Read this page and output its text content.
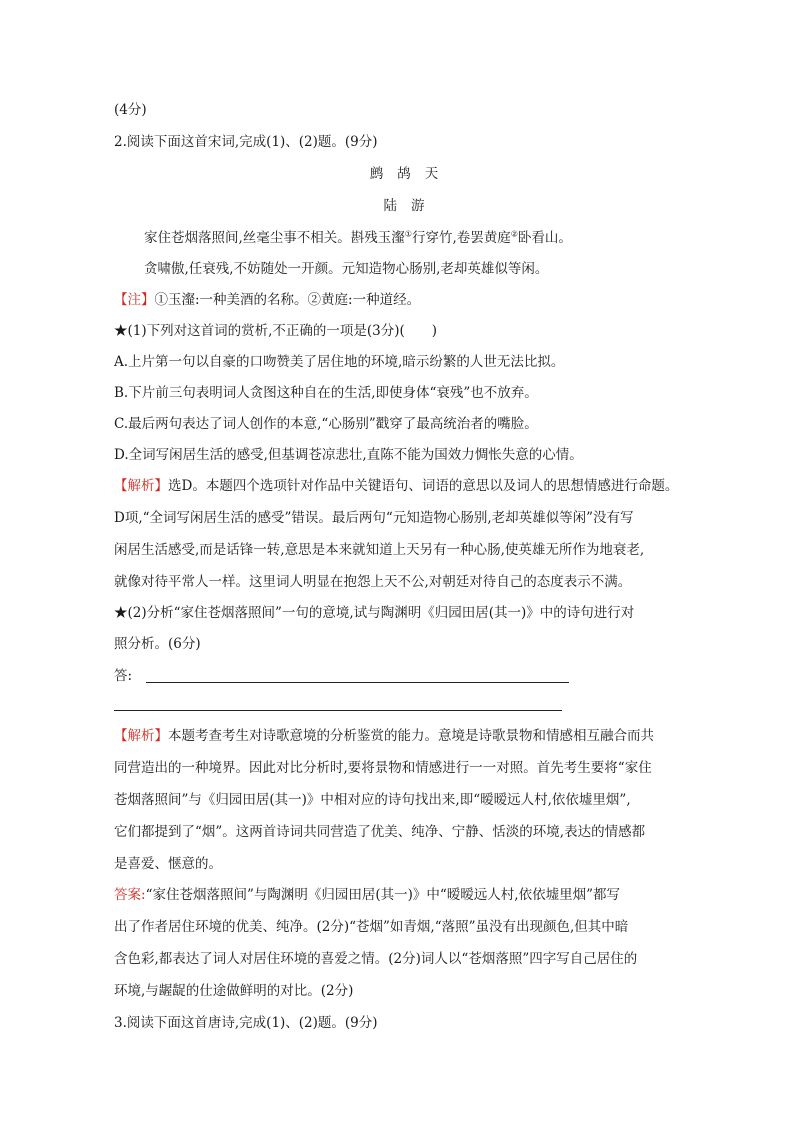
(4分)
2.阅读下面这首宋词,完成(1)、(2)题。(9分)
鹧鸪天
陆游
家住苍烟落照间,丝毫尘事不相关。斟残玉瀣①行穿竹,卷罢黄庭②卧看山。
贪啸傲,任衰残,不妨随处一开颜。元知造物心肠别,老却英雄似等闲。
【注】①玉瀣:一种美酒的名称。②黄庭:一种道经。
★(1)下列对这首词的赏析,不正确的一项是(3分)(　　)
A.上片第一句以自豪的口吻赞美了居住地的环境,暗示纷繁的人世无法比拟。
B.下片前三句表明词人贪图这种自在的生活,即使身体“衰残”也不放弃。
C.最后两句表达了词人创作的本意,“心肠别”戳穿了最高统治者的嘴脸。
D.全词写闲居生活的感受,但基调苍凉悲壮,直陈不能为国效力惆怅失意的心情。
【解析】选D。本题四个选项针对作品中关键语句、词语的意思以及词人的思想情感进行命题。
D项,“全词写闲居生活的感受”错误。最后两句“元知造物心肠别,老却英雄似等闲”没有写
闲居生活感受,而是话锋一转,意思是本来就知道上天另有一种心肠,使英雄无所作为地衰老,
就像对待平常人一样。这里词人明显在抱怨上天不公,对朝廷对待自己的态度表示不满。
★(2)分析“家住苍烟落照间”一句的意境,试与陶渊明《归园田居(其一)》中的诗句进行对
照分析。(6分)
答:
【解析】本题考查考生对诗歌意境的分析鉴赏的能力。意境是诗歌景物和情感相互融合而共
同营造出的一种境界。因此对比分析时,要将景物和情感进行一一对照。首先考生要将“家住
苍烟落照间”与《归园田居(其一)》中相对应的诗句找出来,即“暧暧远人村,依依墟里烟”,
它们都提到了“烟”。这两首诗词共同营造了优美、纯净、宁静、恬淡的环境,表达的情感都
是喜爱、惬意的。
答案:“家住苍烟落照间”与陶渊明《归园田居(其一)》中“暧暧远人村,依依墟里烟”都写
出了作者居住环境的优美、纯净。(2分)“苍烟”如青烟,“落照”虽没有出现颜色,但其中暗
含色彩,都表达了词人对居住环境的喜爱之情。(2分)词人以“苍烟落照”四字写自己居住的
环境,与龌龊的仕途做鲜明的对比。(2分)
3.阅读下面这首唐诗,完成(1)、(2)题。(9分)
